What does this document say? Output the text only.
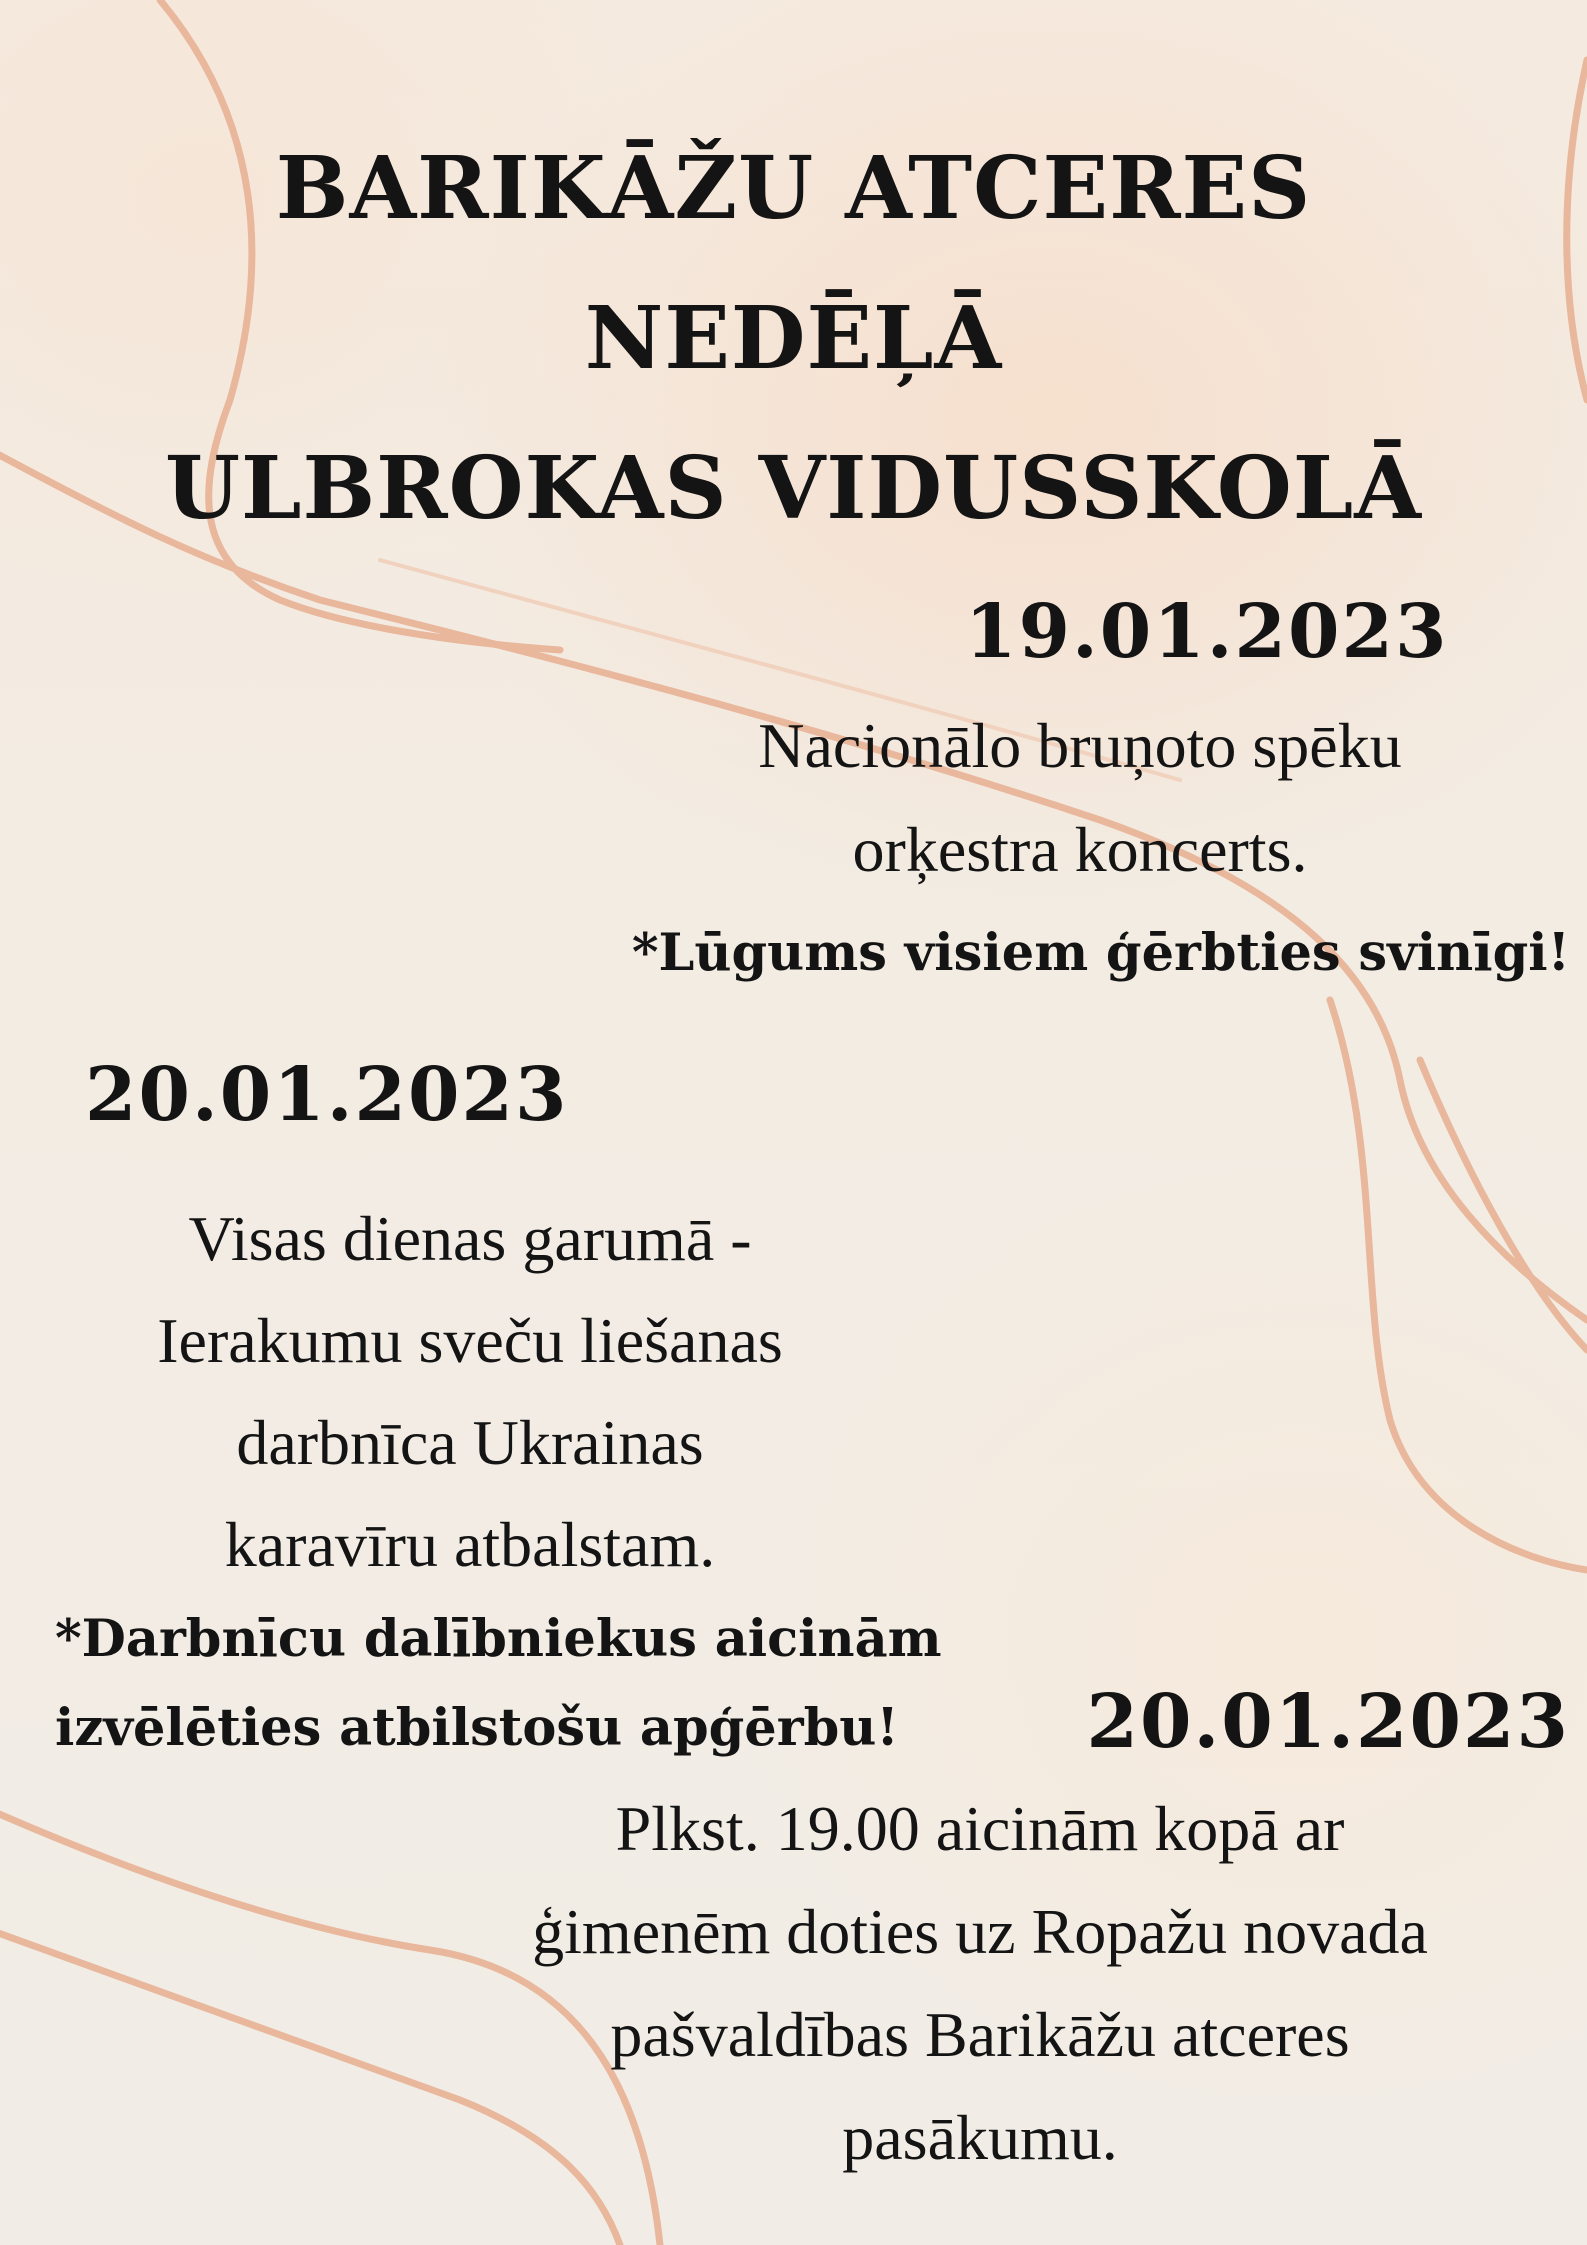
BARIKĀŽU ATCERES
NEDĒĻĀ
ULBROKAS VIDUSSKOLĀ
19.01.2023
Nacionālo bruņoto spēku
orķestra koncerts.
*Lūgums visiem ģērbties svinīgi!
20.01.2023
Visas dienas garumā -
Ierakumu sveču liešanas
darbnīca Ukrainas
karavīru atbalstam.
*Darbnīcu dalībniekus aicinām
izvēlēties atbilstošu apģērbu!	20.01.2023
Plkst. 19.00 aicinām kopā ar
ģimenēm doties uz Ropažu novada
pašvaldības Barikāžu atceres
pasākumu.
